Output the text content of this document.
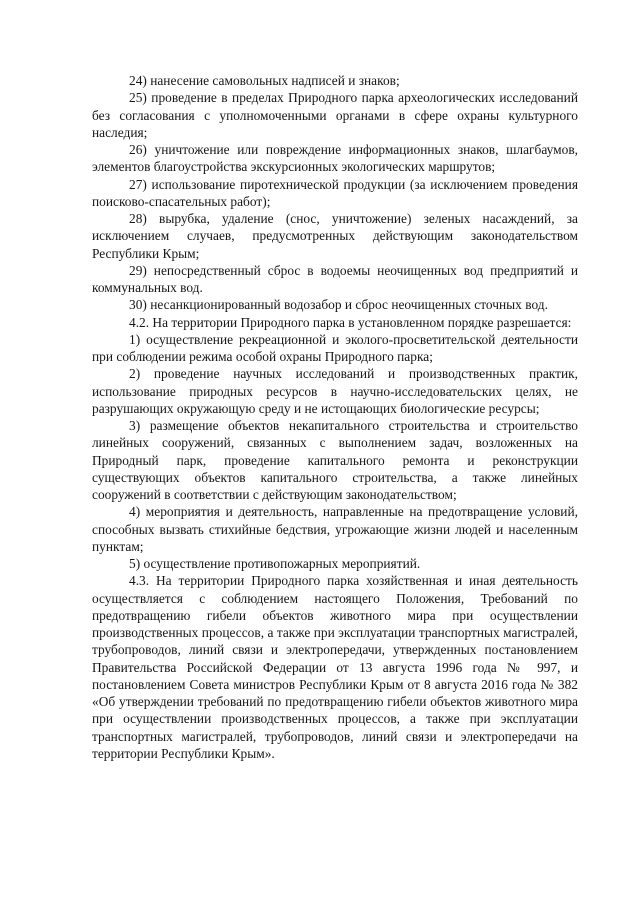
24) нанесение самовольных надписей и знаков;

25) проведение в пределах Природного парка археологических исследований без согласования с уполномоченными органами в сфере охраны культурного наследия;

26) уничтожение или повреждение информационных знаков, шлагбаумов, элементов благоустройства экскурсионных экологических маршрутов;

27) использование пиротехнической продукции (за исключением проведения поисково-спасательных работ);

28) вырубка, удаление (снос, уничтожение) зеленых насаждений, за исключением случаев, предусмотренных действующим законодательством Республики Крым;

29) непосредственный сброс в водоемы неочищенных вод предприятий и коммунальных вод.

30) несанкционированный водозабор и сброс неочищенных сточных вод.

4.2. На территории Природного парка в установленном порядке разрешается:

1) осуществление рекреационной и эколого-просветительской деятельности при соблюдении режима особой охраны Природного парка;

2) проведение научных исследований и производственных практик, использование природных ресурсов в научно-исследовательских целях, не разрушающих окружающую среду и не истощающих биологические ресурсы;

3) размещение объектов некапитального строительства и строительство линейных сооружений, связанных с выполнением задач, возложенных на Природный парк, проведение капитального ремонта и реконструкции существующих объектов капитального строительства, а также линейных сооружений в соответствии с действующим законодательством;

4) мероприятия и деятельность, направленные на предотвращение условий, способных вызвать стихийные бедствия, угрожающие жизни людей и населенным пунктам;

5) осуществление противопожарных мероприятий.

4.3. На территории Природного парка хозяйственная и иная деятельность осуществляется с соблюдением настоящего Положения, Требований по предотвращению гибели объектов животного мира при осуществлении производственных процессов, а также при эксплуатации транспортных магистралей, трубопроводов, линий связи и электропередачи, утвержденных постановлением Правительства Российской Федерации от 13 августа 1996 года № 997, и постановлением Совета министров Республики Крым от 8 августа 2016 года № 382 «Об утверждении требований по предотвращению гибели объектов животного мира при осуществлении производственных процессов, а также при эксплуатации транспортных магистралей, трубопроводов, линий связи и электропередачи на территории Республики Крым».
